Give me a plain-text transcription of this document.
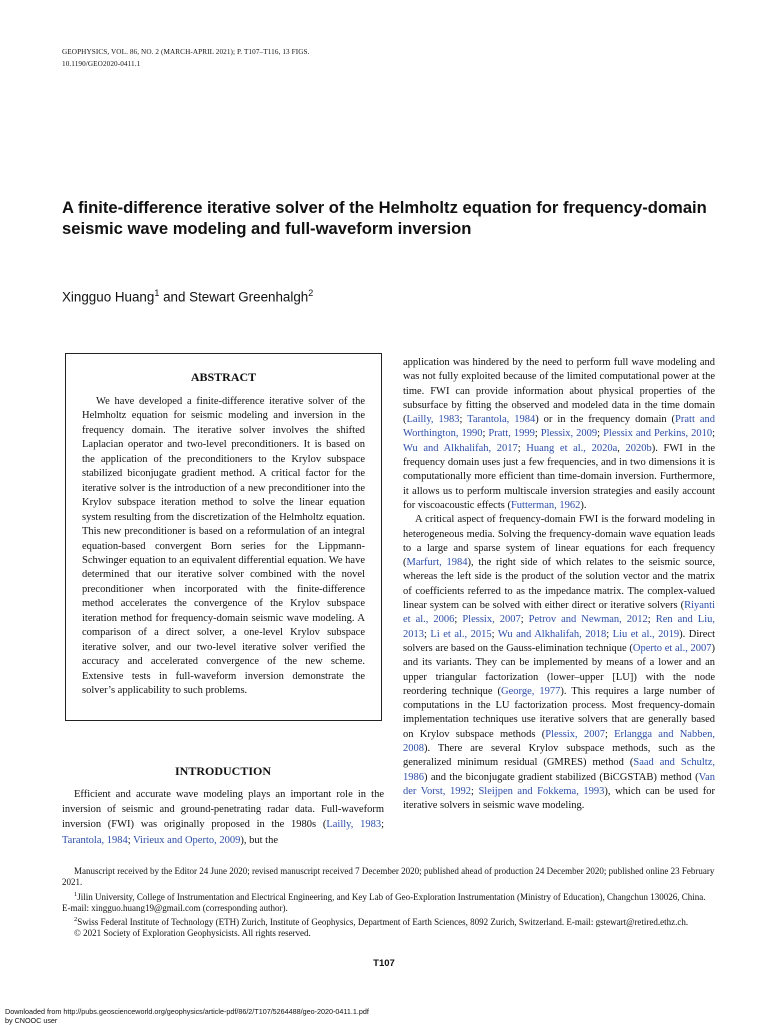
GEOPHYSICS, VOL. 86, NO. 2 (MARCH-APRIL 2021); P. T107–T116, 13 FIGS.
10.1190/GEO2020-0411.1
A finite-difference iterative solver of the Helmholtz equation for frequency-domain seismic wave modeling and full-waveform inversion
Xingguo Huang$^1$ and Stewart Greenhalgh$^2$
ABSTRACT

We have developed a finite-difference iterative solver of the Helmholtz equation for seismic modeling and inversion in the frequency domain. The iterative solver involves the shifted Laplacian operator and two-level preconditioners. It is based on the application of the preconditioners to the Krylov subspace stabilized biconjugate gradient method. A critical factor for the iterative solver is the introduction of a new preconditioner into the Krylov subspace iteration method to solve the linear equation system resulting from the discretization of the Helmholtz equation. This new preconditioner is based on a reformulation of an integral equation-based convergent Born series for the Lippmann-Schwinger equation to an equivalent differential equation. We have determined that our iterative solver combined with the novel preconditioner when incorporated with the finite-difference method accelerates the convergence of the Krylov subspace iteration method for frequency-domain seismic wave modeling. A comparison of a direct solver, a one-level Krylov subspace iterative solver, and our two-level iterative solver verified the accuracy and accelerated convergence of the new scheme. Extensive tests in full-waveform inversion demonstrate the solver’s applicability to such problems.

INTRODUCTION

Efficient and accurate wave modeling plays an important role in the inversion of seismic and ground-penetrating radar data. Full-waveform inversion (FWI) was originally proposed in the 1980s (Lailly, 1983; Tarantola, 1984; Virieux and Operto, 2009), but the

application was hindered by the need to perform full wave modeling and was not fully exploited because of the limited computational power at the time. FWI can provide information about physical properties of the subsurface by fitting the observed and modeled data in the time domain (Lailly, 1983; Tarantola, 1984) or in the frequency domain (Pratt and Worthington, 1990; Pratt, 1999; Plessix, 2009; Plessix and Perkins, 2010; Wu and Alkhalifah, 2017; Huang et al., 2020a, 2020b). FWI in the frequency domain uses just a few frequencies, and in two dimensions it is computationally more efficient than time-domain inversion. Furthermore, it allows us to perform multiscale inversion strategies and easily account for viscoacoustic effects (Futterman, 1962).

A critical aspect of frequency-domain FWI is the forward modeling in heterogeneous media. Solving the frequency-domain wave equation leads to a large and sparse system of linear equations for each frequency (Marfurt, 1984), the right side of which relates to the seismic source, whereas the left side is the product of the solution vector and the matrix of coefficients referred to as the impedance matrix. The complex-valued linear system can be solved with either direct or iterative solvers (Riyanti et al., 2006; Plessix, 2007; Petrov and Newman, 2012; Ren and Liu, 2013; Li et al., 2015; Wu and Alkhalifah, 2018; Liu et al., 2019). Direct solvers are based on the Gauss-elimination technique (Operto et al., 2007) and its variants. They can be implemented by means of a lower and an upper triangular factorization (lower–upper [LU]) with the node reordering technique (George, 1977). This requires a large number of computations in the LU factorization process. Most frequency-domain implementation techniques use iterative solvers that are generally based on Krylov subspace methods (Plessix, 2007; Erlangga and Nabben, 2008). There are several Krylov subspace methods, such as the generalized minimum residual (GMRES) method (Saad and Schultz, 1986) and the biconjugate gradient stabilized (BiCGSTAB) method (Van der Vorst, 1992; Sleijpen and Fokkema, 1993), which can be used for iterative solvers in seismic wave modeling.

Manuscript received by the Editor 24 June 2020; revised manuscript received 7 December 2020; published ahead of production 24 December 2020; published online 23 February 2021.

$^1$Jilin University, College of Instrumentation and Electrical Engineering, and Key Lab of Geo-Exploration Instrumentation (Ministry of Education), Changchun 130026, China. E-mail: xingguo.huang19@gmail.com (corresponding author).

$^2$Swiss Federal Institute of Technology (ETH) Zurich, Institute of Geophysics, Department of Earth Sciences, 8092 Zurich, Switzerland. E-mail: gstewart@retired.ethz.ch.

© 2021 Society of Exploration Geophysicists. All rights reserved.

T107
Downloaded from http://pubs.geoscienceworld.org/geophysics/article-pdf/86/2/T107/5264488/geo-2020-0411.1.pdf
by CNOOC user
